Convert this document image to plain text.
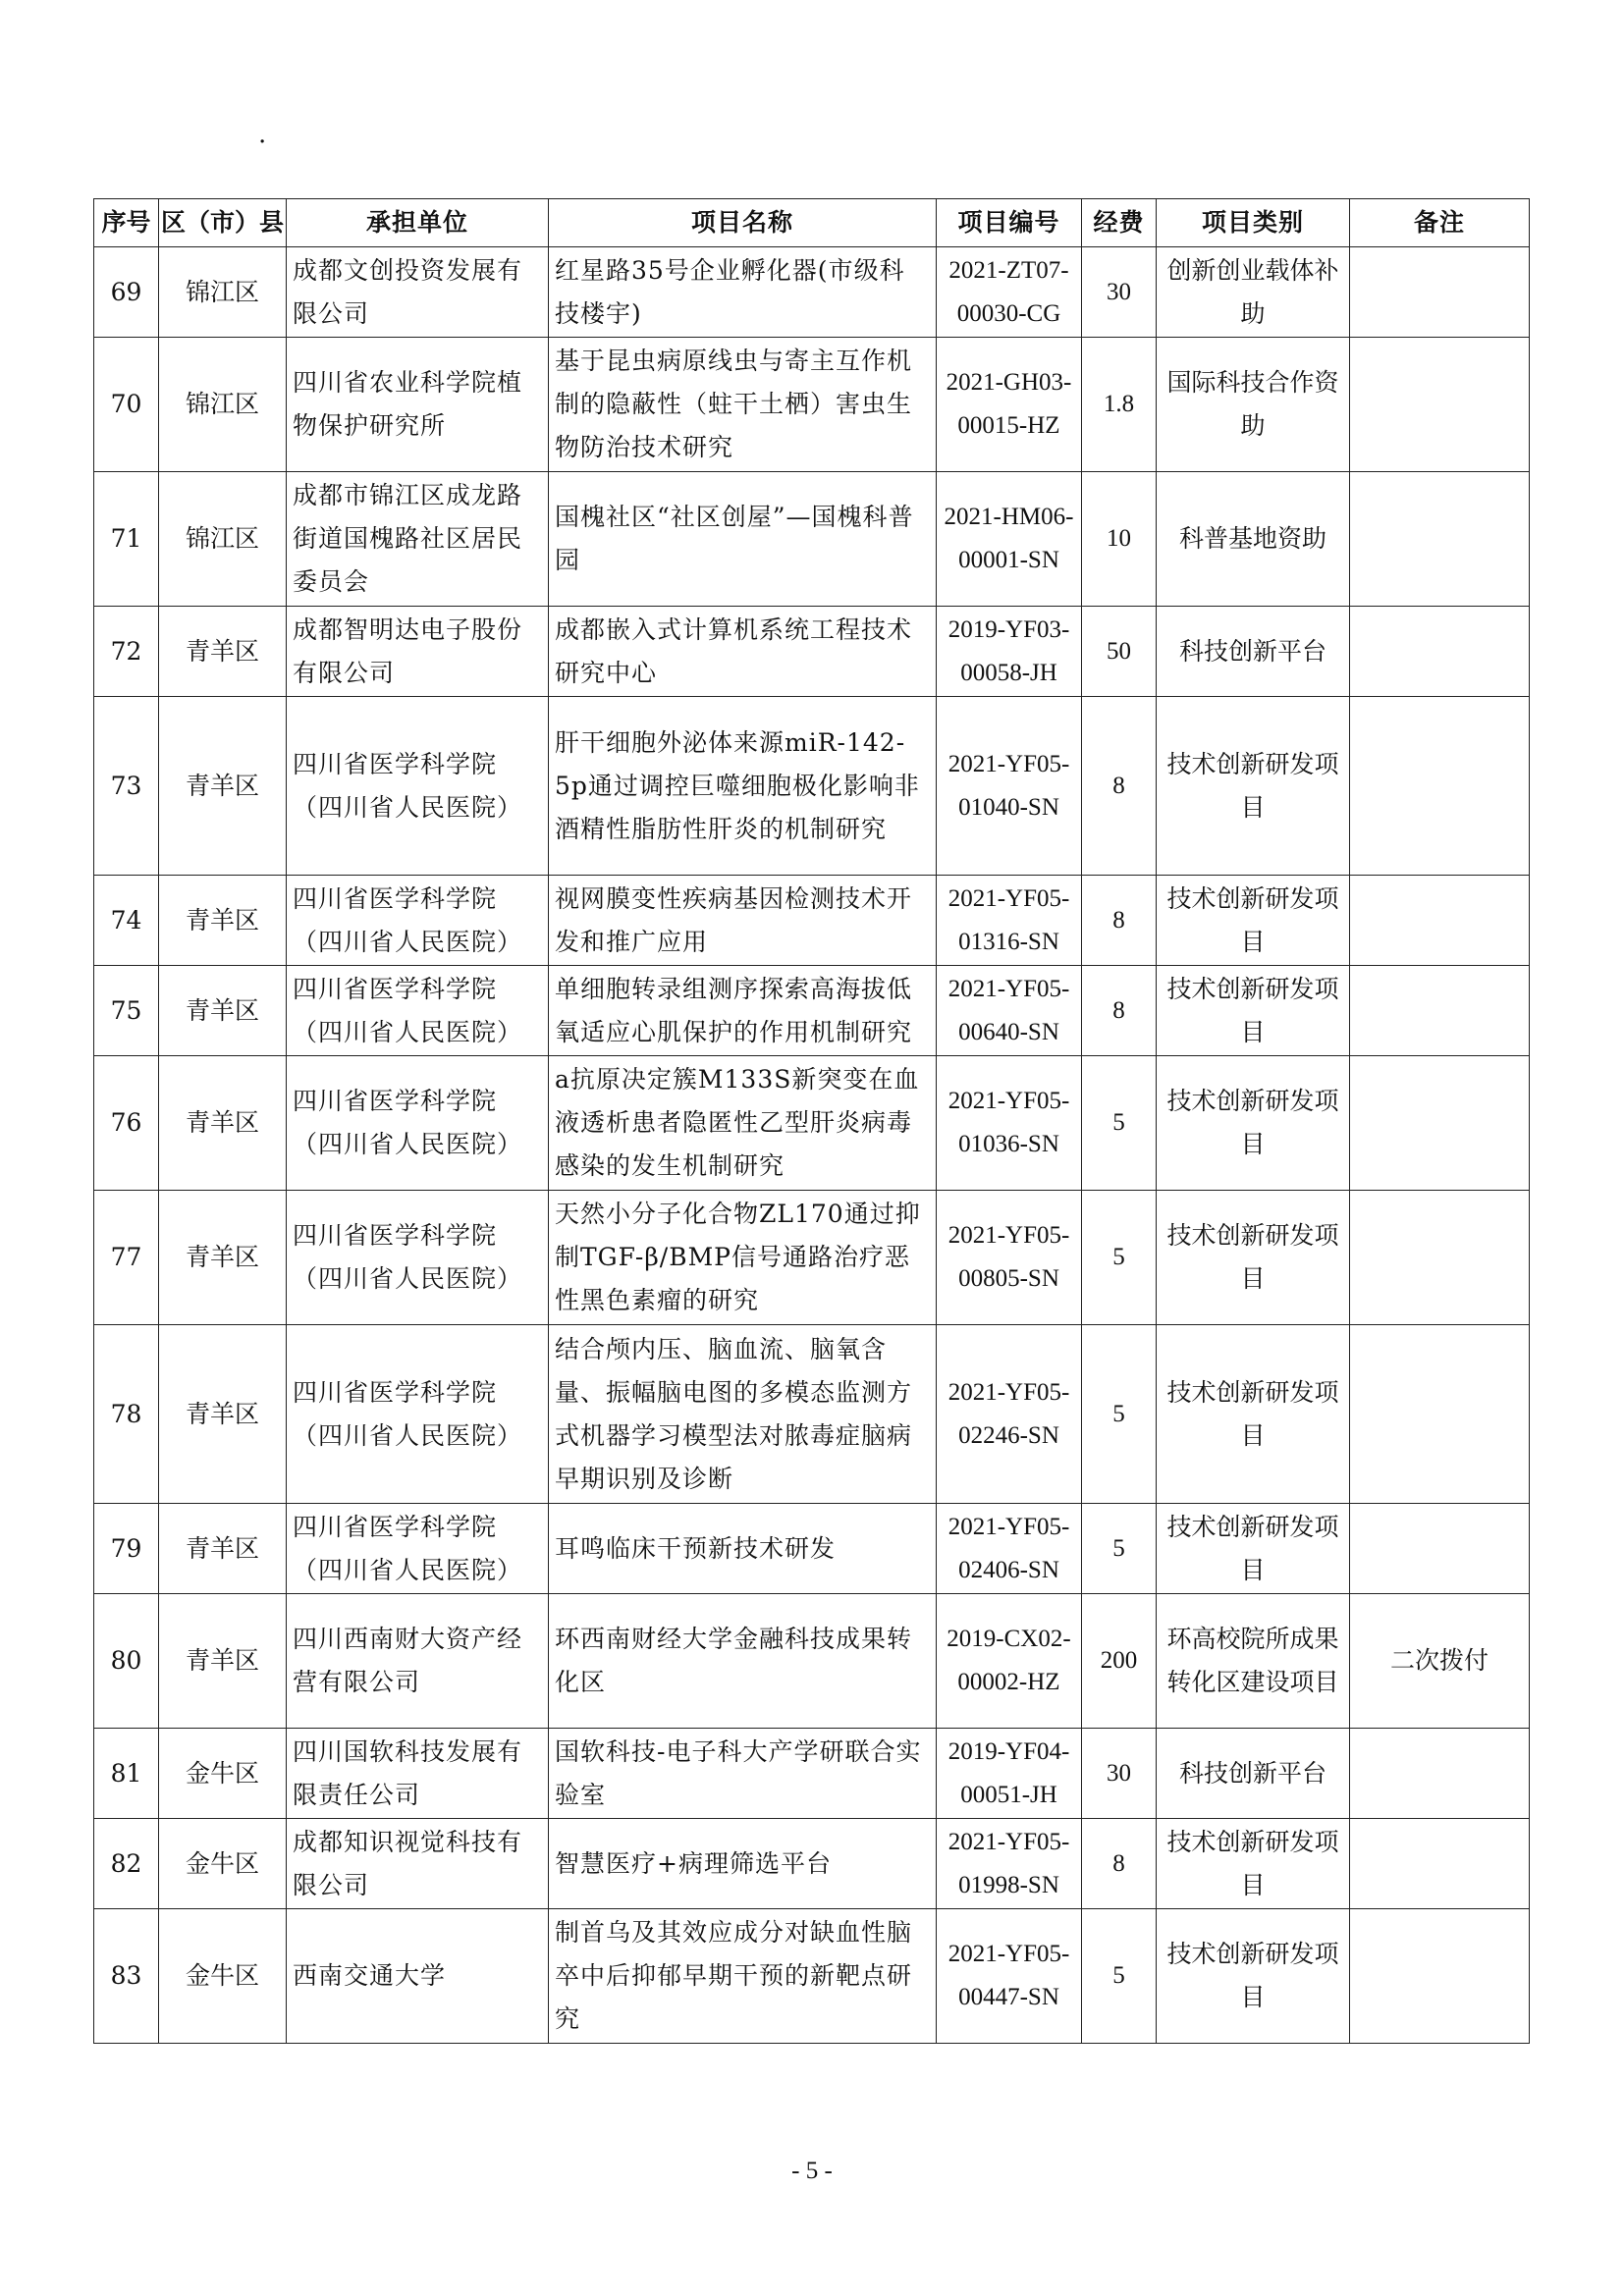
.
序号	区（市）县	承担单位	项目名称	项目编号	经费	项目类别	备注
69	锦江区	成都文创投资发展有限公司	红星路35号企业孵化器(市级科技楼宇)	2021-ZT07-00030-CG	30	创新创业载体补助	
70	锦江区	四川省农业科学院植物保护研究所	基于昆虫病原线虫与寄主互作机制的隐蔽性（蛀干土栖）害虫生物防治技术研究	2021-GH03-00015-HZ	1.8	国际科技合作资助	
71	锦江区	成都市锦江区成龙路街道国槐路社区居民委员会	国槐社区“社区创屋”—国槐科普园	2021-HM06-00001-SN	10	科普基地资助	
72	青羊区	成都智明达电子股份有限公司	成都嵌入式计算机系统工程技术研究中心	2019-YF03-00058-JH	50	科技创新平台	
73	青羊区	四川省医学科学院（四川省人民医院）	肝干细胞外泌体来源miR-142-5p通过调控巨噬细胞极化影响非酒精性脂肪性肝炎的机制研究	2021-YF05-01040-SN	8	技术创新研发项目	
74	青羊区	四川省医学科学院（四川省人民医院）	视网膜变性疾病基因检测技术开发和推广应用	2021-YF05-01316-SN	8	技术创新研发项目	
75	青羊区	四川省医学科学院（四川省人民医院）	单细胞转录组测序探索高海拔低氧适应心肌保护的作用机制研究	2021-YF05-00640-SN	8	技术创新研发项目	
76	青羊区	四川省医学科学院（四川省人民医院）	a抗原决定簇M133S新突变在血液透析患者隐匿性乙型肝炎病毒感染的发生机制研究	2021-YF05-01036-SN	5	技术创新研发项目	
77	青羊区	四川省医学科学院（四川省人民医院）	天然小分子化合物ZL170通过抑制TGF-β/BMP信号通路治疗恶性黑色素瘤的研究	2021-YF05-00805-SN	5	技术创新研发项目	
78	青羊区	四川省医学科学院（四川省人民医院）	结合颅内压、脑血流、脑氧含量、振幅脑电图的多模态监测方式机器学习模型法对脓毒症脑病早期识别及诊断	2021-YF05-02246-SN	5	技术创新研发项目	
79	青羊区	四川省医学科学院（四川省人民医院）	耳鸣临床干预新技术研发	2021-YF05-02406-SN	5	技术创新研发项目	
80	青羊区	四川西南财大资产经营有限公司	环西南财经大学金融科技成果转化区	2019-CX02-00002-HZ	200	环高校院所成果转化区建设项目	二次拨付
81	金牛区	四川国软科技发展有限责任公司	国软科技-电子科大产学研联合实验室	2019-YF04-00051-JH	30	科技创新平台	
82	金牛区	成都知识视觉科技有限公司	智慧医疗+病理筛选平台	2021-YF05-01998-SN	8	技术创新研发项目	
83	金牛区	西南交通大学	制首乌及其效应成分对缺血性脑卒中后抑郁早期干预的新靶点研究	2021-YF05-00447-SN	5	技术创新研发项目	
- 5 -
